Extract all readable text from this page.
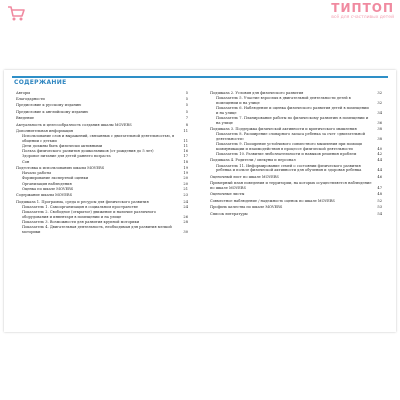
ТИПТОП
всё для счастливых детей
СОДЕРЖАНИЕ
Авторы	5
Благодарности	5
Предисловие к русскому изданию	5
Предисловие к английскому изданию	5
Введение	7
Актуальность и целесообразность создания шкалы MOVERS	8
Дополнительная информация	11
Использование слов и выражений, связанных с двигательной деятельностью, в общении с детьми	11
Дети должны быть физически активными	11
Польза физического развития дошкольников (от рождения до 5 лет)	16
Здоровое питание для детей раннего возраста	17
Сон	18
Подготовка к использованию шкалы MOVERS	19
Начало работы	19
Формирование экспертной оценки	20
Организация наблюдения	20
Оценка по шкале MOVERS	21
Содержание шкалы MOVERS	23
Подшкала 1. Программа, среда и ресурсы для физического развития	24
Показатель 1. Самоорганизация в социальном пространстве	24
Показатель 2. Свободное (открытое) движение и наличие различного оборудования и инвентаря в помещении и на улице	26
Показатель 3. Возможности для развития крупной моторики	28
Показатель 4. Двигательная деятельность, необходимая для развития мелкой моторики	30
Подшкала 2. Условия для физического развития	32
Показатель 5. Участие взрослых в двигательной деятельности детей в помещении и на улице	32
Показатель 6. Наблюдение и оценка физического развития детей в помещении и на улице	34
Показатель 7. Планирование работы по физическому развитию в помещении и на улице	36
Подшкала 3. Поддержка физической активности и критического мышления	38
Показатель 8. Расширение словарного запаса ребенка за счет «двигательной деятельности»	38
Показатель 9. Поощрение устойчивого совместного мышления при помощи коммуникации и взаимодействия в процессе физической деятельности	40
Показатель 10. Развитие любознательности и навыков решения проблем	42
Подшкала 4. Родители / опекуны и персонал	44
Показатель 11. Информирование семей о состоянии физического развития ребенка и пользе физической активности для обучения и здоровья ребенка	44
Оценочный лист по шкале MOVERS	46
Примерный план поведения и территории, на которых осуществляется наблюдение по шкале MOVERS	47
Оценочные листы	48
Совместное наблюдение / надежность оценок по шкале MOVERS	52
Профиль качества по шкале MOVERS	53
Список литературы	54
